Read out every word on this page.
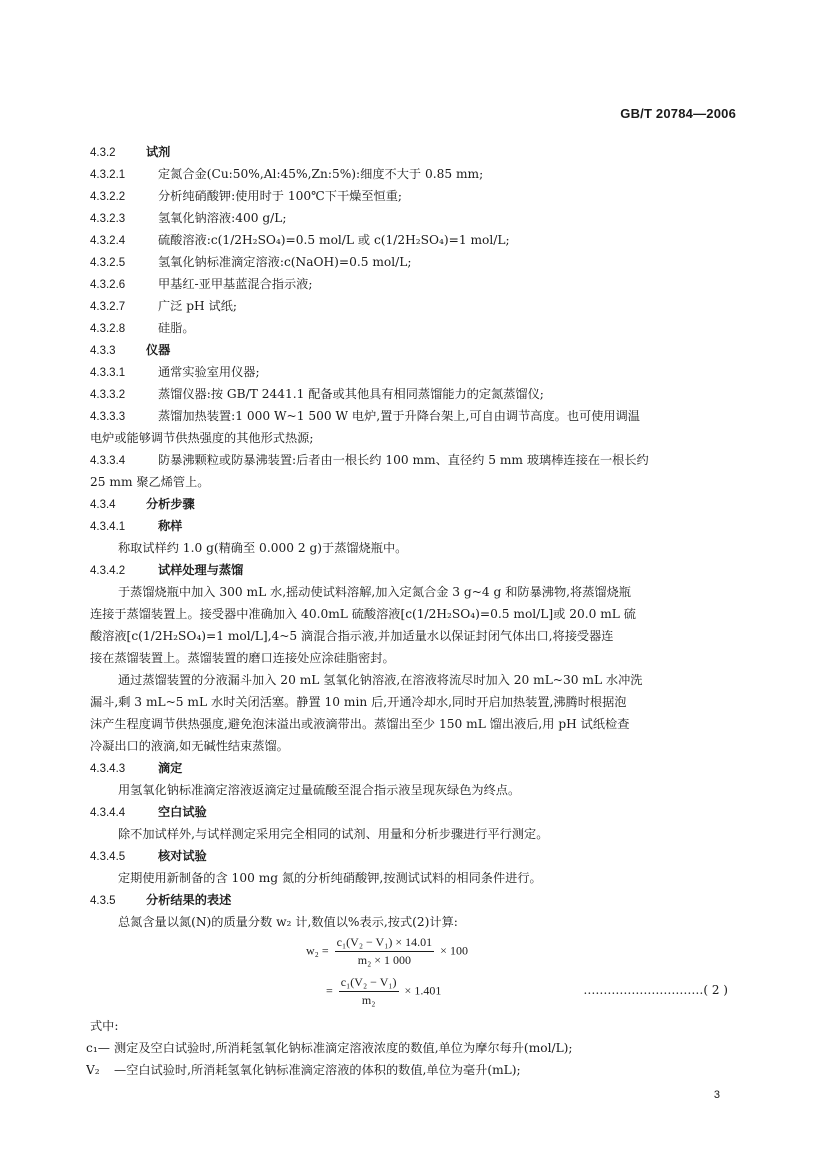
GB/T 20784—2006
4.3.2 试剂
4.3.2.1	定氮合金(Cu:50%,Al:45%,Zn:5%):细度不大于 0.85 mm;
4.3.2.2	分析纯硝酸钾:使用时于 100℃下干燥至恒重;
4.3.2.3	氢氧化钠溶液:400 g/L;
4.3.2.4	硫酸溶液:c(1/2H₂SO₄)=0.5 mol/L 或 c(1/2H₂SO₄)=1 mol/L;
4.3.2.5	氢氧化钠标准滴定溶液:c(NaOH)=0.5 mol/L;
4.3.2.6	甲基红-亚甲基蓝混合指示液;
4.3.2.7	广泛 pH 试纸;
4.3.2.8	硅脂。
4.3.3 仪器
4.3.3.1	通常实验室用仪器;
4.3.3.2	蒸馏仪器:按 GB/T 2441.1 配备或其他具有相同蒸馏能力的定氮蒸馏仪;
4.3.3.3	蒸馏加热装置:1 000 W~1 500 W 电炉,置于升降台架上,可自由调节高度。也可使用调温
电炉或能够调节供热强度的其他形式热源;
4.3.3.4	防暴沸颗粒或防暴沸装置:后者由一根长约 100 mm、直径约 5 mm 玻璃棒连接在一根长约
25 mm 聚乙烯管上。
4.3.4 分析步骤
4.3.4.1	称样
称取试样约 1.0 g(精确至 0.000 2 g)于蒸馏烧瓶中。
4.3.4.2	试样处理与蒸馏
于蒸馏烧瓶中加入 300 mL 水,摇动使试料溶解,加入定氮合金 3 g~4 g 和防暴沸物,将蒸馏烧瓶
连接于蒸馏装置上。接受器中准确加入 40.0mL 硫酸溶液[c(1/2H₂SO₄)=0.5 mol/L]或 20.0 mL 硫
酸溶液[c(1/2H₂SO₄)=1 mol/L],4~5 滴混合指示液,并加适量水以保证封闭气体出口,将接受器连
接在蒸馏装置上。蒸馏装置的磨口连接处应涂硅脂密封。
通过蒸馏装置的分液漏斗加入 20 mL 氢氧化钠溶液,在溶液将流尽时加入 20 mL~30 mL 水冲洗
漏斗,剩 3 mL~5 mL 水时关闭活塞。静置 10 min 后,开通冷却水,同时开启加热装置,沸腾时根据泡
沫产生程度调节供热强度,避免泡沫溢出或液滴带出。蒸馏出至少 150 mL 馏出液后,用 pH 试纸检查
冷凝出口的液滴,如无碱性结束蒸馏。
4.3.4.3	滴定
用氢氧化钠标准滴定溶液返滴定过量硫酸至混合指示液呈现灰绿色为终点。
4.3.4.4	空白试验
除不加试样外,与试样测定采用完全相同的试剂、用量和分析步骤进行平行测定。
4.3.4.5	核对试验
定期使用新制备的含 100 mg 氮的分析纯硝酸钾,按测试试料的相同条件进行。
4.3.5 分析结果的表述
总氮含量以氮(N)的质量分数 w₂ 计,数值以%表示,按式(2)计算:
$w_2 = \frac{\text{c₁(V₂ − V₁) × 14.01}}{\text{m₂ × 1 000}} \times 100$
= $\frac{\text{c₁(V₂ − V₁)}}{\text{m₂}} \times 1.401$	…………………………( 2 )
式中:
c₁— 测定及空白试验时,所消耗氢氧化钠标准滴定溶液浓度的数值,单位为摩尔每升(mol/L);
V₂ —空白试验时,所消耗氢氧化钠标准滴定溶液的体积的数值,单位为毫升(mL);
3
